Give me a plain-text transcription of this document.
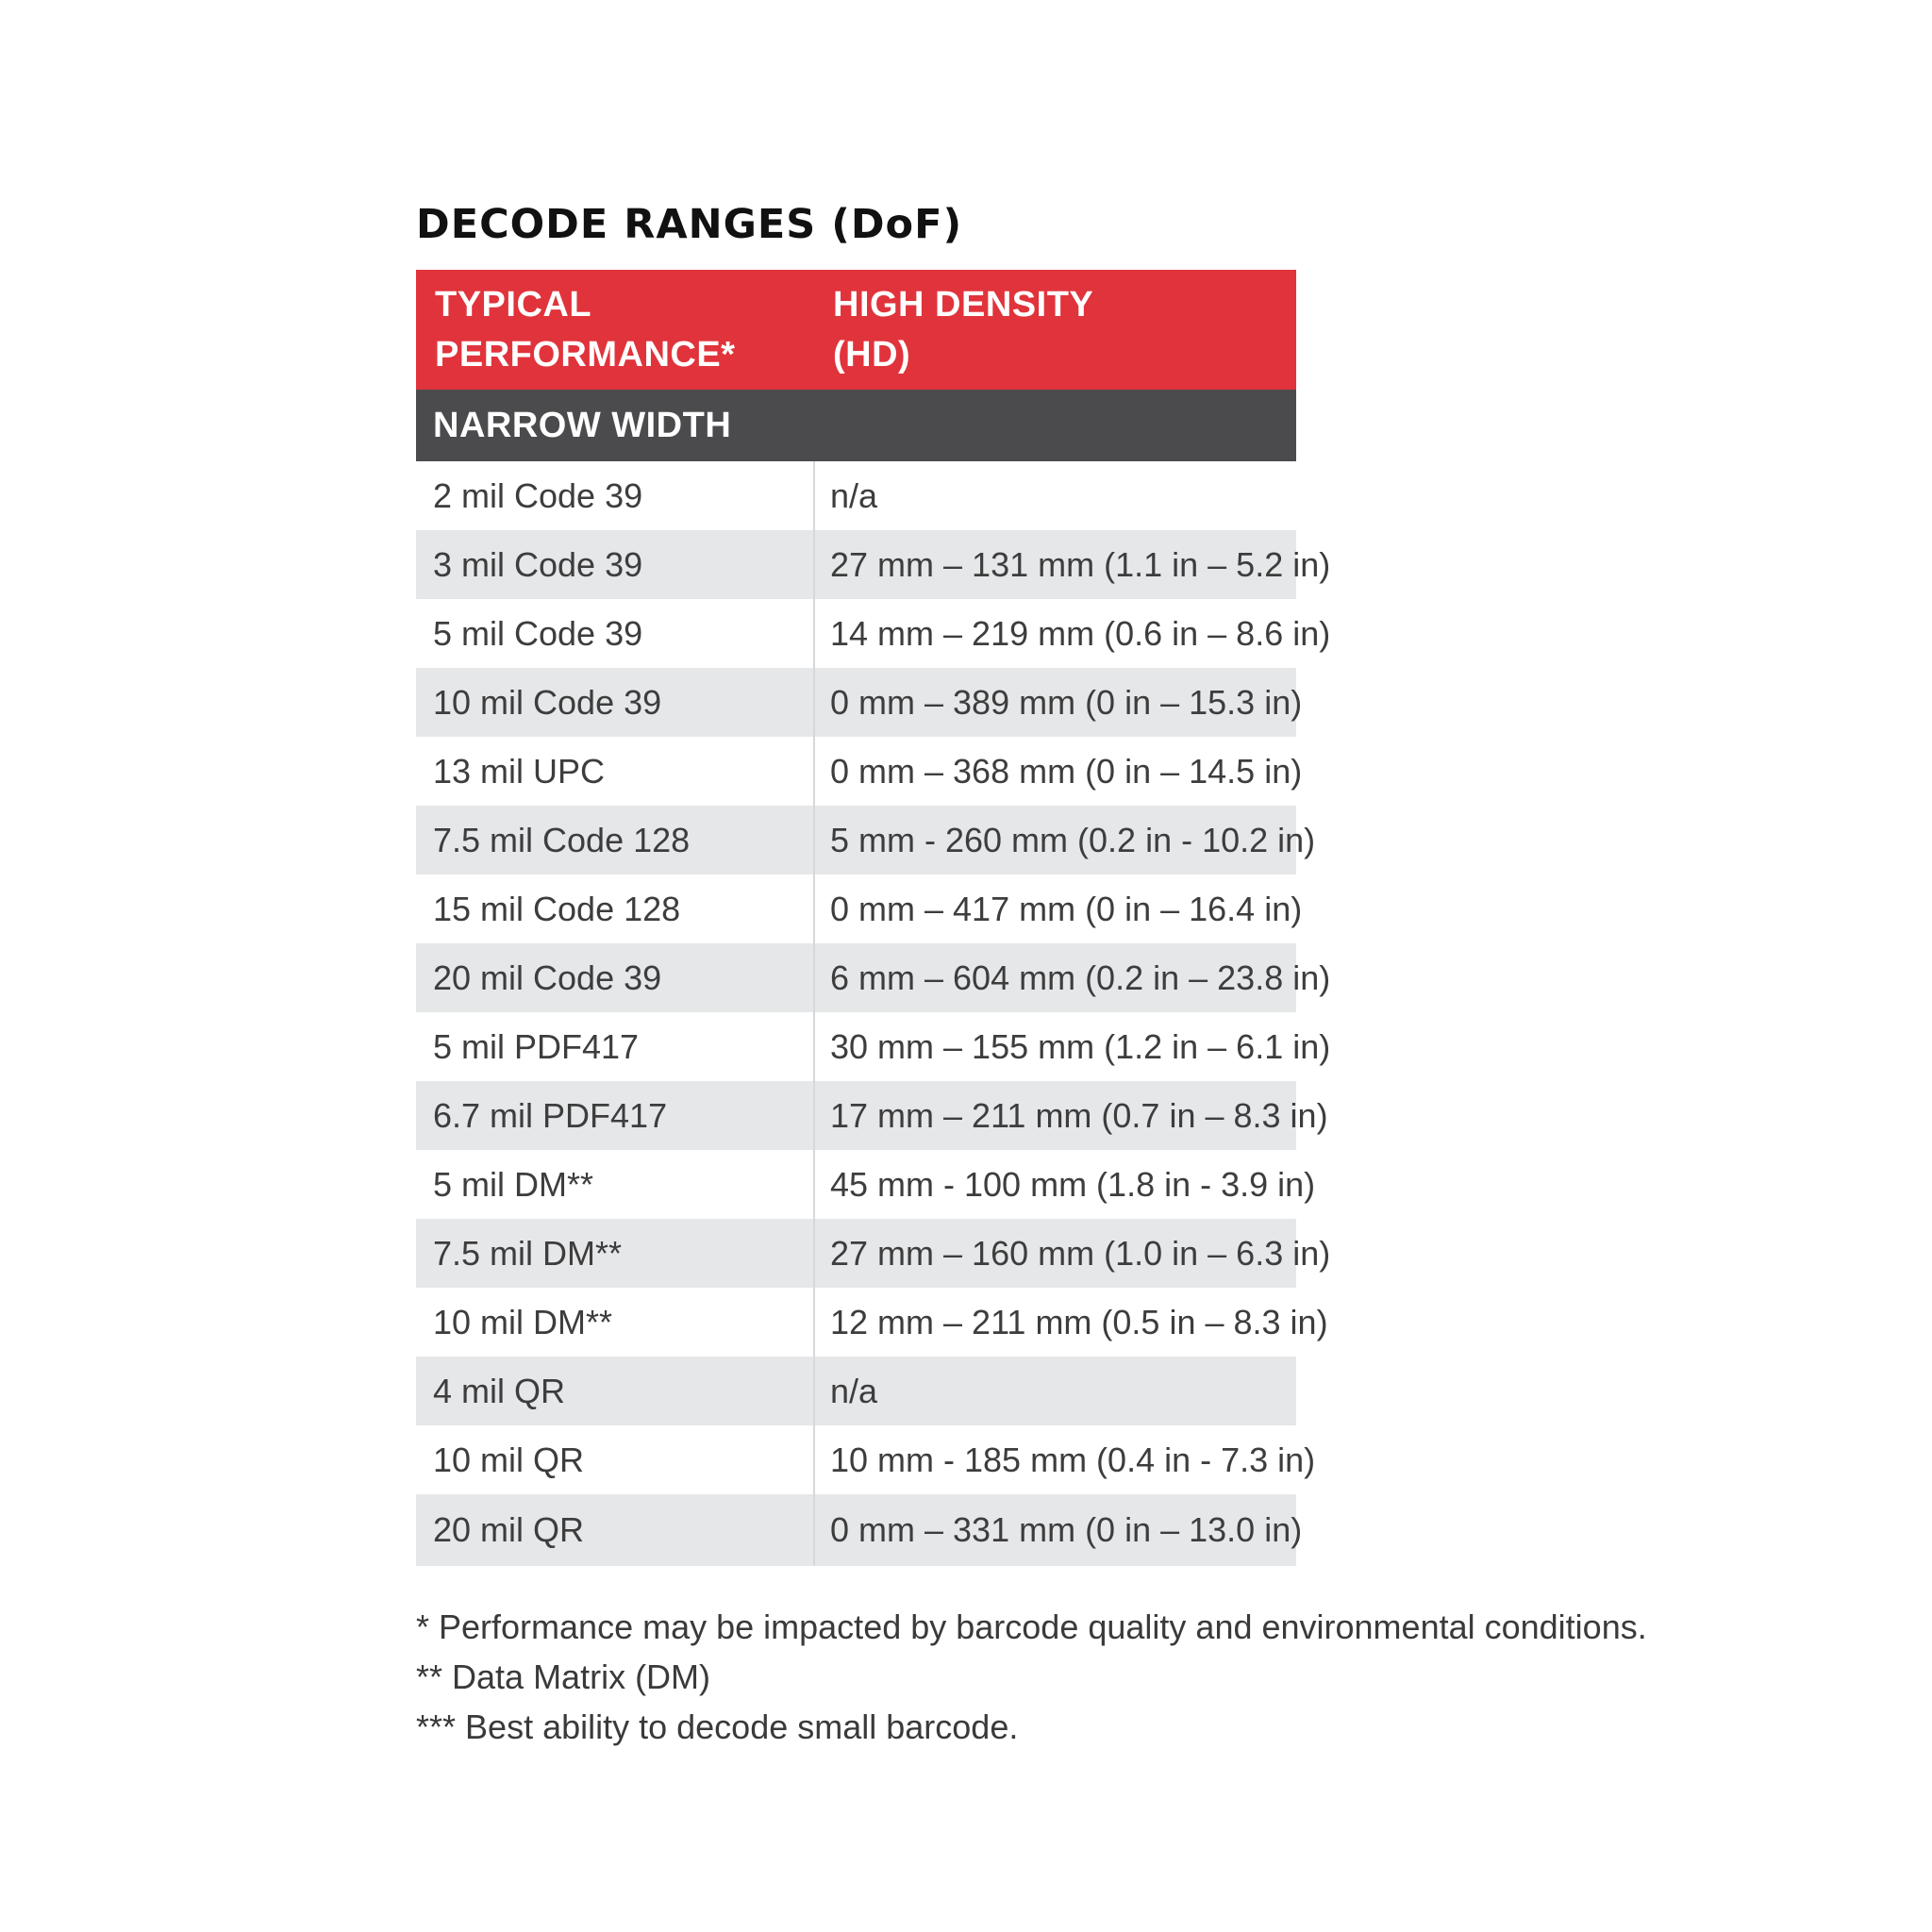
DECODE RANGES (DoF)
TYPICAL
PERFORMANCE*	HIGH DENSITY
(HD)

NARROW WIDTH	
2 mil Code 39	n/a
3 mil Code 39	27 mm – 131 mm (1.1 in – 5.2 in)
5 mil Code 39	14 mm – 219 mm (0.6 in – 8.6 in)
10 mil Code 39	0 mm – 389 mm (0 in – 15.3 in)
13 mil UPC	0 mm – 368 mm (0 in – 14.5 in)
7.5 mil Code 128	5 mm - 260 mm (0.2 in - 10.2 in)
15 mil Code 128	0 mm – 417 mm (0 in – 16.4 in)
20 mil Code 39	6 mm – 604 mm (0.2 in – 23.8 in)
5 mil PDF417	30 mm – 155 mm (1.2 in – 6.1 in)
6.7 mil PDF417	17 mm – 211 mm (0.7 in – 8.3 in)
5 mil DM**	45 mm - 100 mm (1.8 in - 3.9 in)
7.5 mil DM**	27 mm – 160 mm (1.0 in – 6.3 in)
10 mil DM**	12 mm – 211 mm (0.5 in – 8.3 in)
4 mil QR	n/a
10 mil QR	10 mm - 185 mm (0.4 in - 7.3 in)
20 mil QR	0 mm – 331 mm (0 in – 13.0 in)
* Performance may be impacted by barcode quality and environmental conditions.
** Data Matrix (DM)
*** Best ability to decode small barcode.
